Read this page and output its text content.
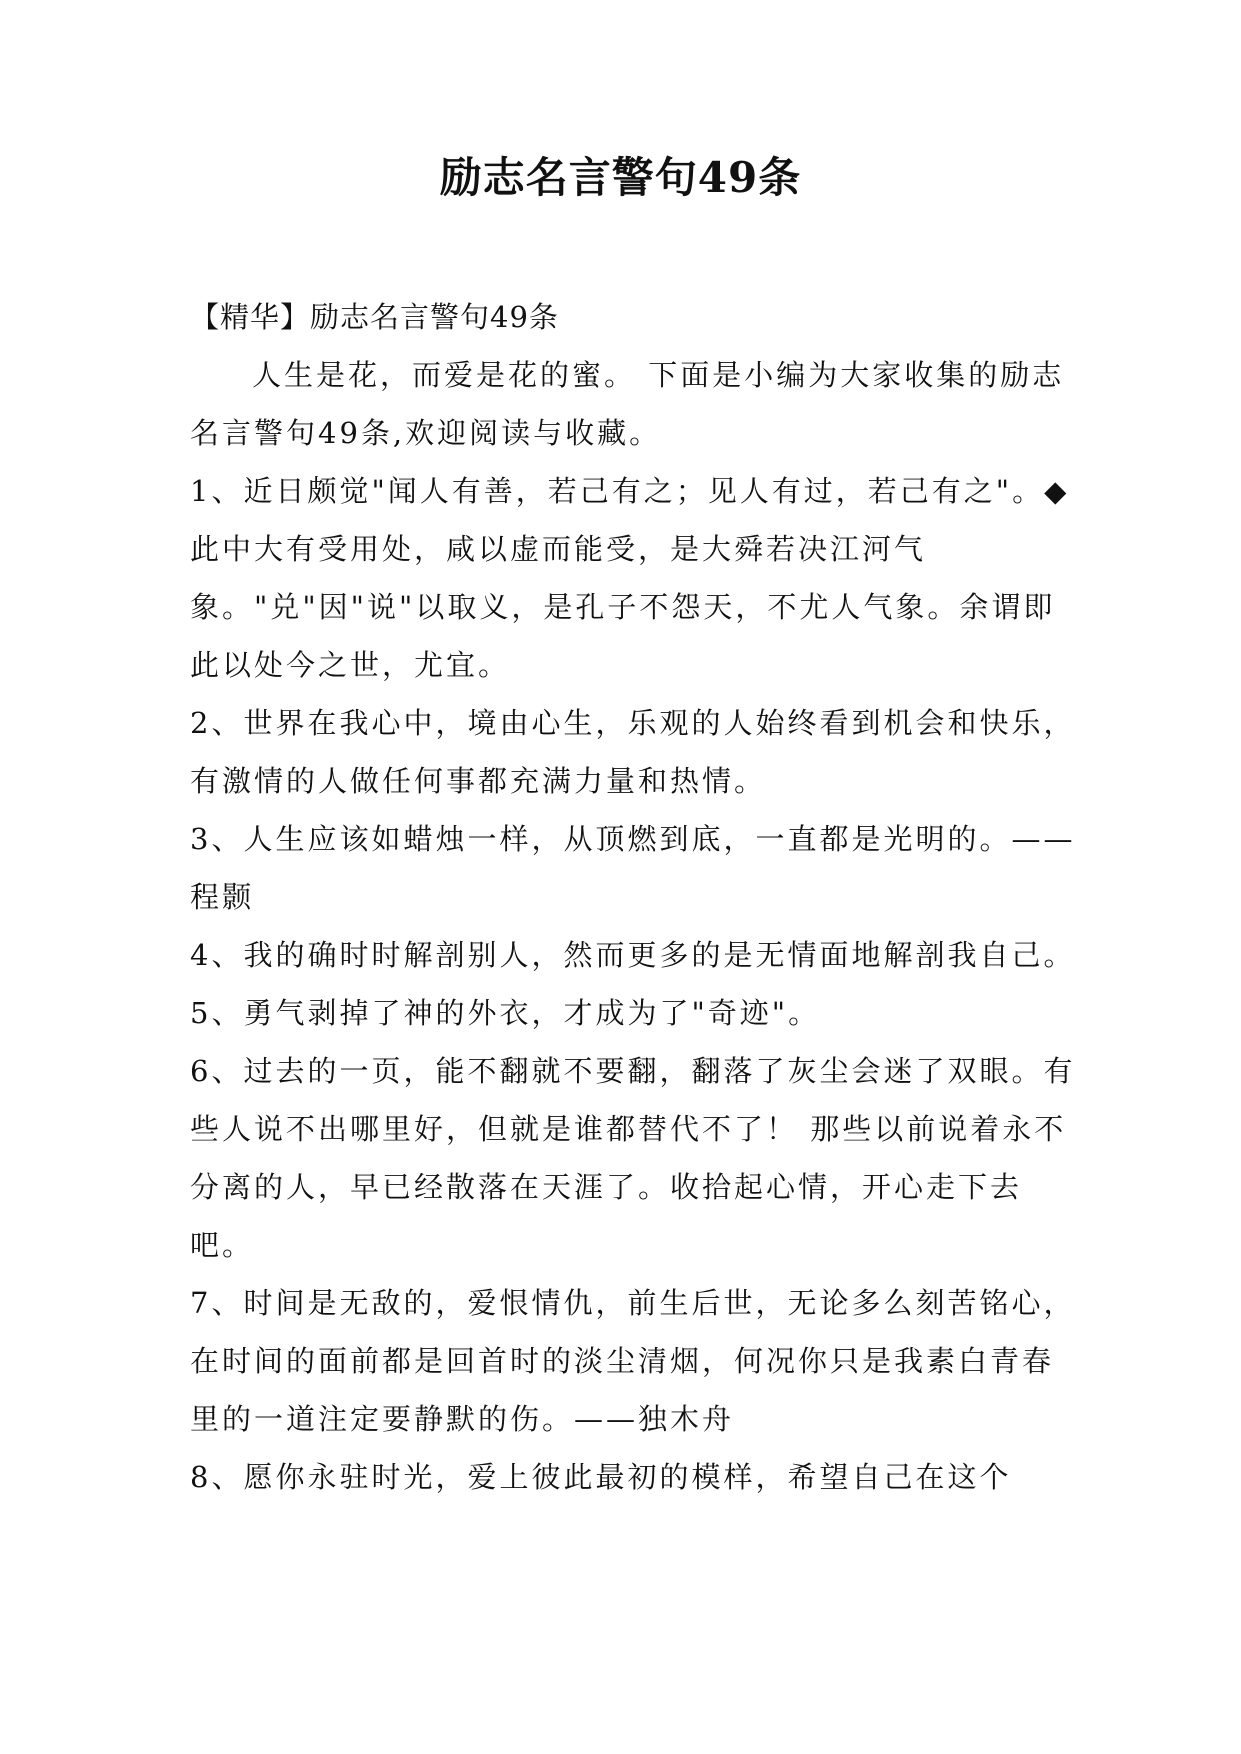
励志名言警句49条

【精华】励志名言警句49条

人生是花，而爱是花的蜜。 下面是小编为大家收集的励志名言警句49条,欢迎阅读与收藏。

1、近日颇觉"闻人有善，若己有之；见人有过，若己有之"。◆此中大有受用处，咸以虚而能受，是大舜若决江河气象。"兑"因"说"以取义，是孔子不怨天，不尤人气象。余谓即此以处今之世，尤宜。

2、世界在我心中，境由心生，乐观的人始终看到机会和快乐，有激情的人做任何事都充满力量和热情。

3、人生应该如蜡烛一样，从顶燃到底，一直都是光明的。——程颢

4、我的确时时解剖别人，然而更多的是无情面地解剖我自己。

5、勇气剥掉了神的外衣，才成为了"奇迹"。

6、过去的一页，能不翻就不要翻，翻落了灰尘会迷了双眼。有些人说不出哪里好，但就是谁都替代不了！ 那些以前说着永不分离的人，早已经散落在天涯了。收拾起心情，开心走下去吧。

7、时间是无敌的，爱恨情仇，前生后世，无论多么刻苦铭心，在时间的面前都是回首时的淡尘清烟，何况你只是我素白青春里的一道注定要静默的伤。——独木舟

8、愿你永驻时光，爱上彼此最初的模样，希望自己在这个
